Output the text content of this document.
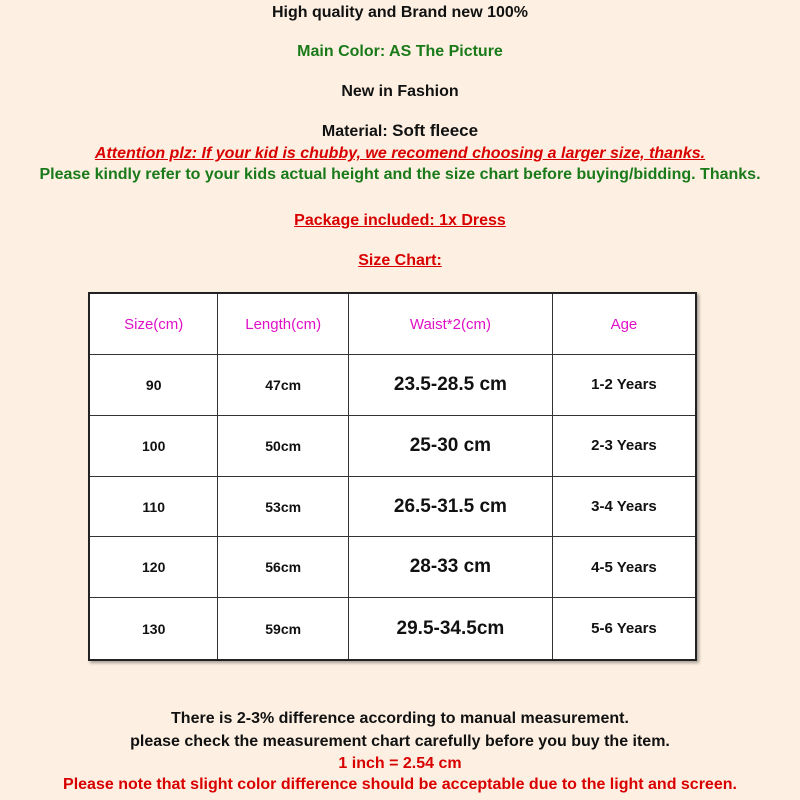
High quality and Brand new 100%
Main Color: AS The Picture
New in Fashion
Material: Soft fleece
Attention plz: If your kid is chubby, we recomend choosing a larger size, thanks.
Please kindly refer to your kids actual height and the size chart before buying/bidding. Thanks.
Package included: 1x Dress
Size Chart:
Size(cm)	Length(cm)	Waist*2(cm)	Age
90	47cm	23.5-28.5 cm	1-2 Years
100	50cm	25-30 cm	2-3 Years
110	53cm	26.5-31.5 cm	3-4 Years
120	56cm	28-33 cm	4-5 Years
130	59cm	29.5-34.5cm	5-6 Years
There is 2-3% difference according to manual measurement.
please check the measurement chart carefully before you buy the item.
1 inch = 2.54 cm
Please note that slight color difference should be acceptable due to the light and screen.
